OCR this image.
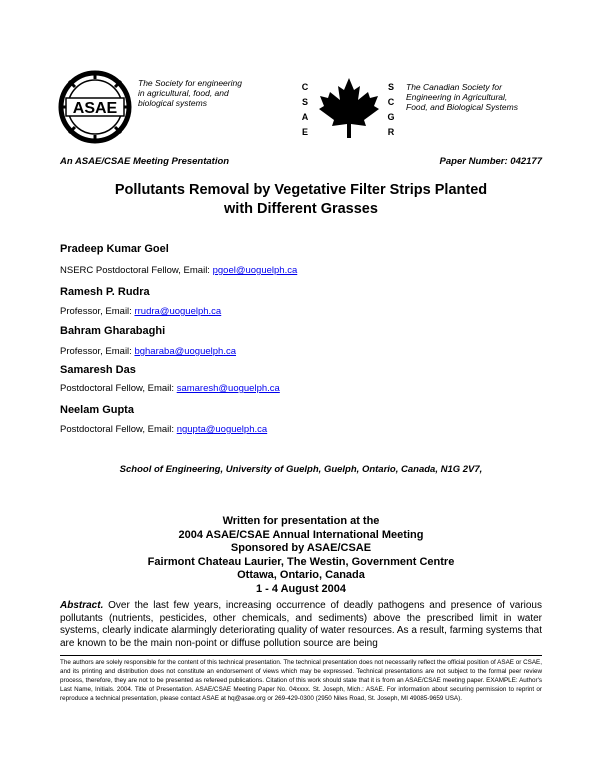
ASAE
The Society for engineering
in agricultural, food, and
biological systems
C
S
A
E
S
C
G
R
The Canadian Society for
Engineering in Agricultural,
Food, and Biological Systems
An ASAE/CSAE Meeting Presentation	Paper Number: 042177
Pollutants Removal by Vegetative Filter Strips Planted
with Different Grasses
Pradeep Kumar Goel
NSERC Postdoctoral Fellow, Email: pgoel@uoguelph.ca
Ramesh P. Rudra
Professor, Email: rrudra@uoguelph.ca
Bahram Gharabaghi
Professor, Email: bgharaba@uoguelph.ca
Samaresh Das
Postdoctoral Fellow, Email: samaresh@uoguelph.ca
Neelam Gupta
Postdoctoral Fellow, Email: ngupta@uoguelph.ca
School of Engineering, University of Guelph, Guelph, Ontario, Canada, N1G 2V7,
Written for presentation at the
2004 ASAE/CSAE Annual International Meeting
Sponsored by ASAE/CSAE
Fairmont Chateau Laurier, The Westin, Government Centre
Ottawa, Ontario, Canada
1 - 4 August 2004
Abstract. Over the last few years, increasing occurrence of deadly pathogens and presence of various pollutants (nutrients, pesticides, other chemicals, and sediments) above the prescribed limit in water systems, clearly indicate alarmingly deteriorating quality of water resources. As a result, farming systems that are known to be the main non-point or diffuse pollution source are being
The authors are solely responsible for the content of this technical presentation. The technical presentation does not necessarily reflect the official position of ASAE or CSAE, and its printing and distribution does not constitute an endorsement of views which may be expressed. Technical presentations are not subject to the formal peer review process, therefore, they are not to be presented as refereed publications. Citation of this work should state that it is from an ASAE/CSAE meeting paper. EXAMPLE: Author's Last Name, Initials. 2004. Title of Presentation. ASAE/CSAE Meeting Paper No. 04xxxx. St. Joseph, Mich.: ASAE. For information about securing permission to reprint or reproduce a technical presentation, please contact ASAE at hq@asae.org or 269-429-0300 (2950 Niles Road, St. Joseph, MI 49085-9659 USA).
